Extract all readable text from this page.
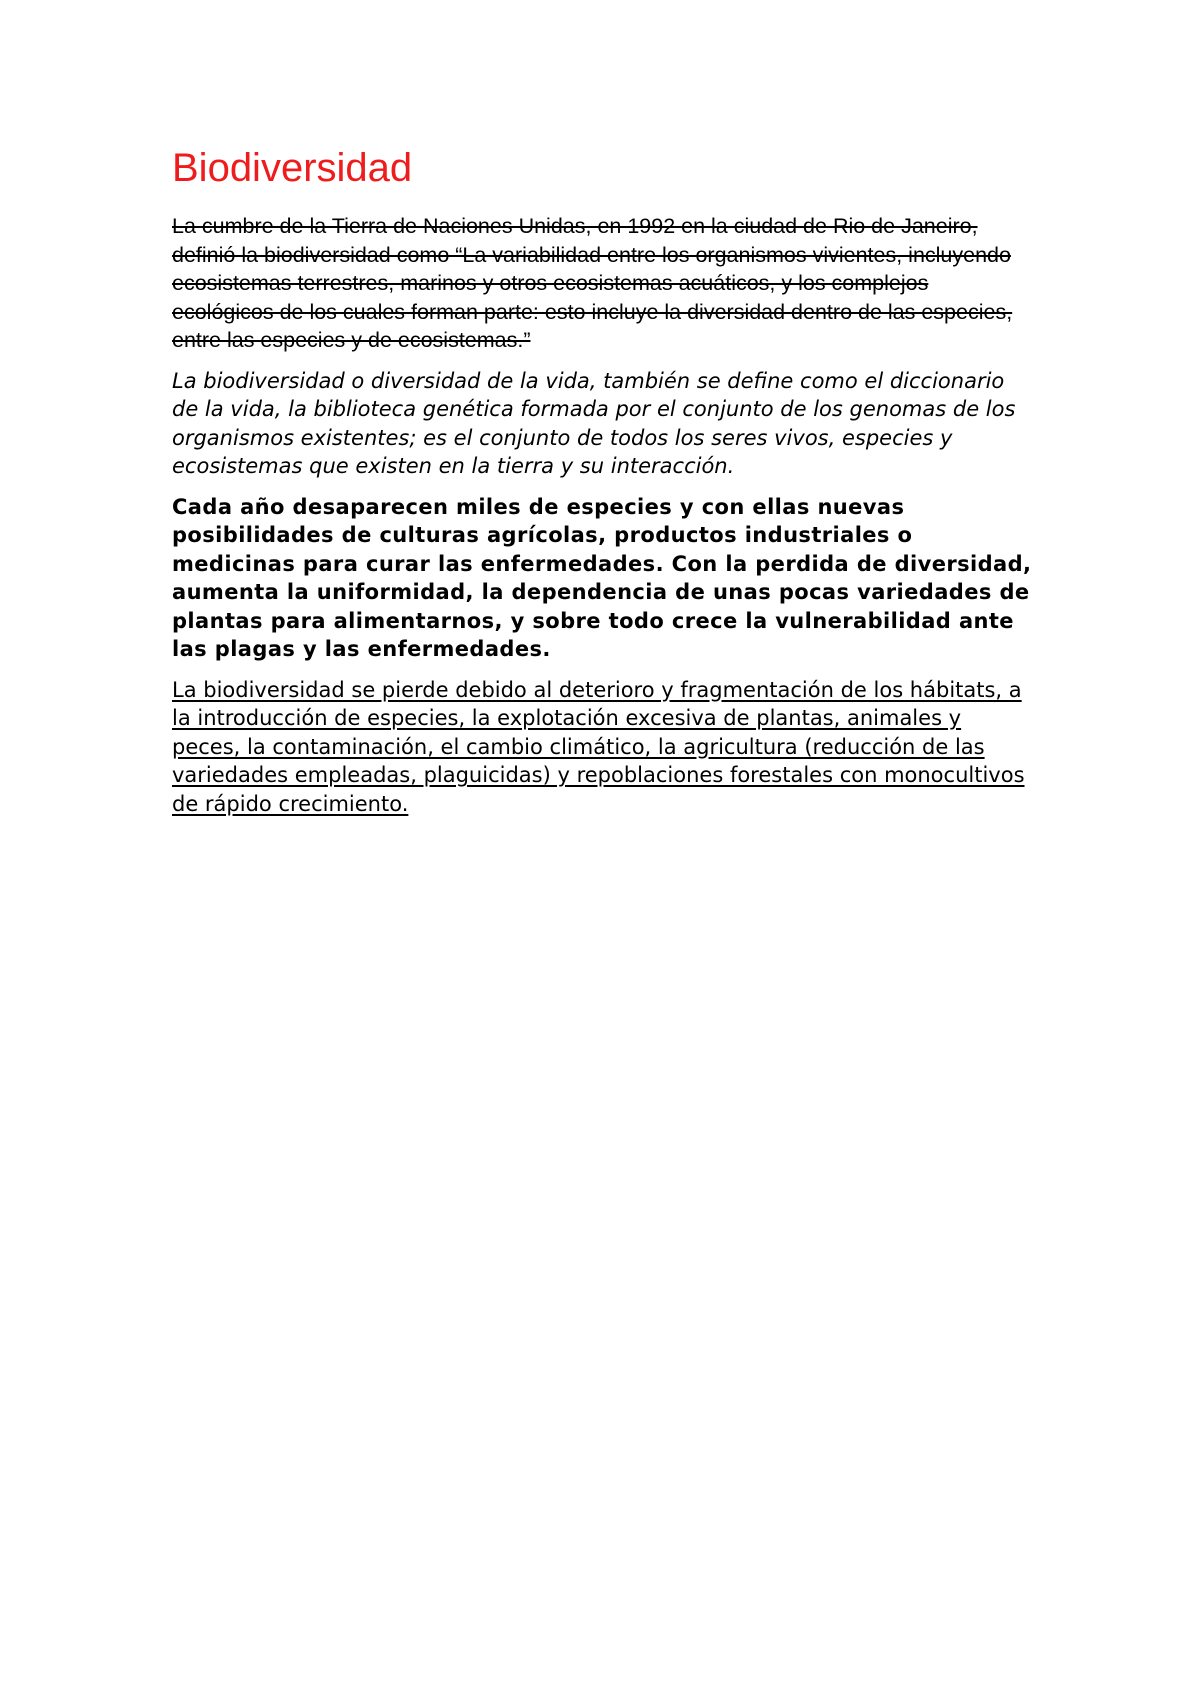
Biodiversidad

La cumbre de la Tierra de Naciones Unidas, en 1992 en la ciudad de Rio de Janeiro, definió la biodiversidad como “La variabilidad entre los organismos vivientes, incluyendo ecosistemas terrestres, marinos y otros ecosistemas acuáticos, y los complejos ecológicos de los cuales forman parte: esto incluye la diversidad dentro de las especies, entre las especies y de ecosistemas.”

La biodiversidad o diversidad de la vida, también se define como el diccionario de la vida, la biblioteca genética formada por el conjunto de los genomas de los organismos existentes; es el conjunto de todos los seres vivos, especies y ecosistemas que existen en la tierra y su interacción.

Cada año desaparecen miles de especies y con ellas nuevas posibilidades de culturas agrícolas, productos industriales o medicinas para curar las enfermedades. Con la perdida de diversidad, aumenta la uniformidad, la dependencia de unas pocas variedades de plantas para alimentarnos, y sobre todo crece la vulnerabilidad ante las plagas y las enfermedades.

La biodiversidad se pierde debido al deterioro y fragmentación de los hábitats, a la introducción de especies, la explotación excesiva de plantas, animales y peces, la contaminación, el cambio climático, la agricultura (reducción de las variedades empleadas, plaguicidas) y repoblaciones forestales con monocultivos de rápido crecimiento.
